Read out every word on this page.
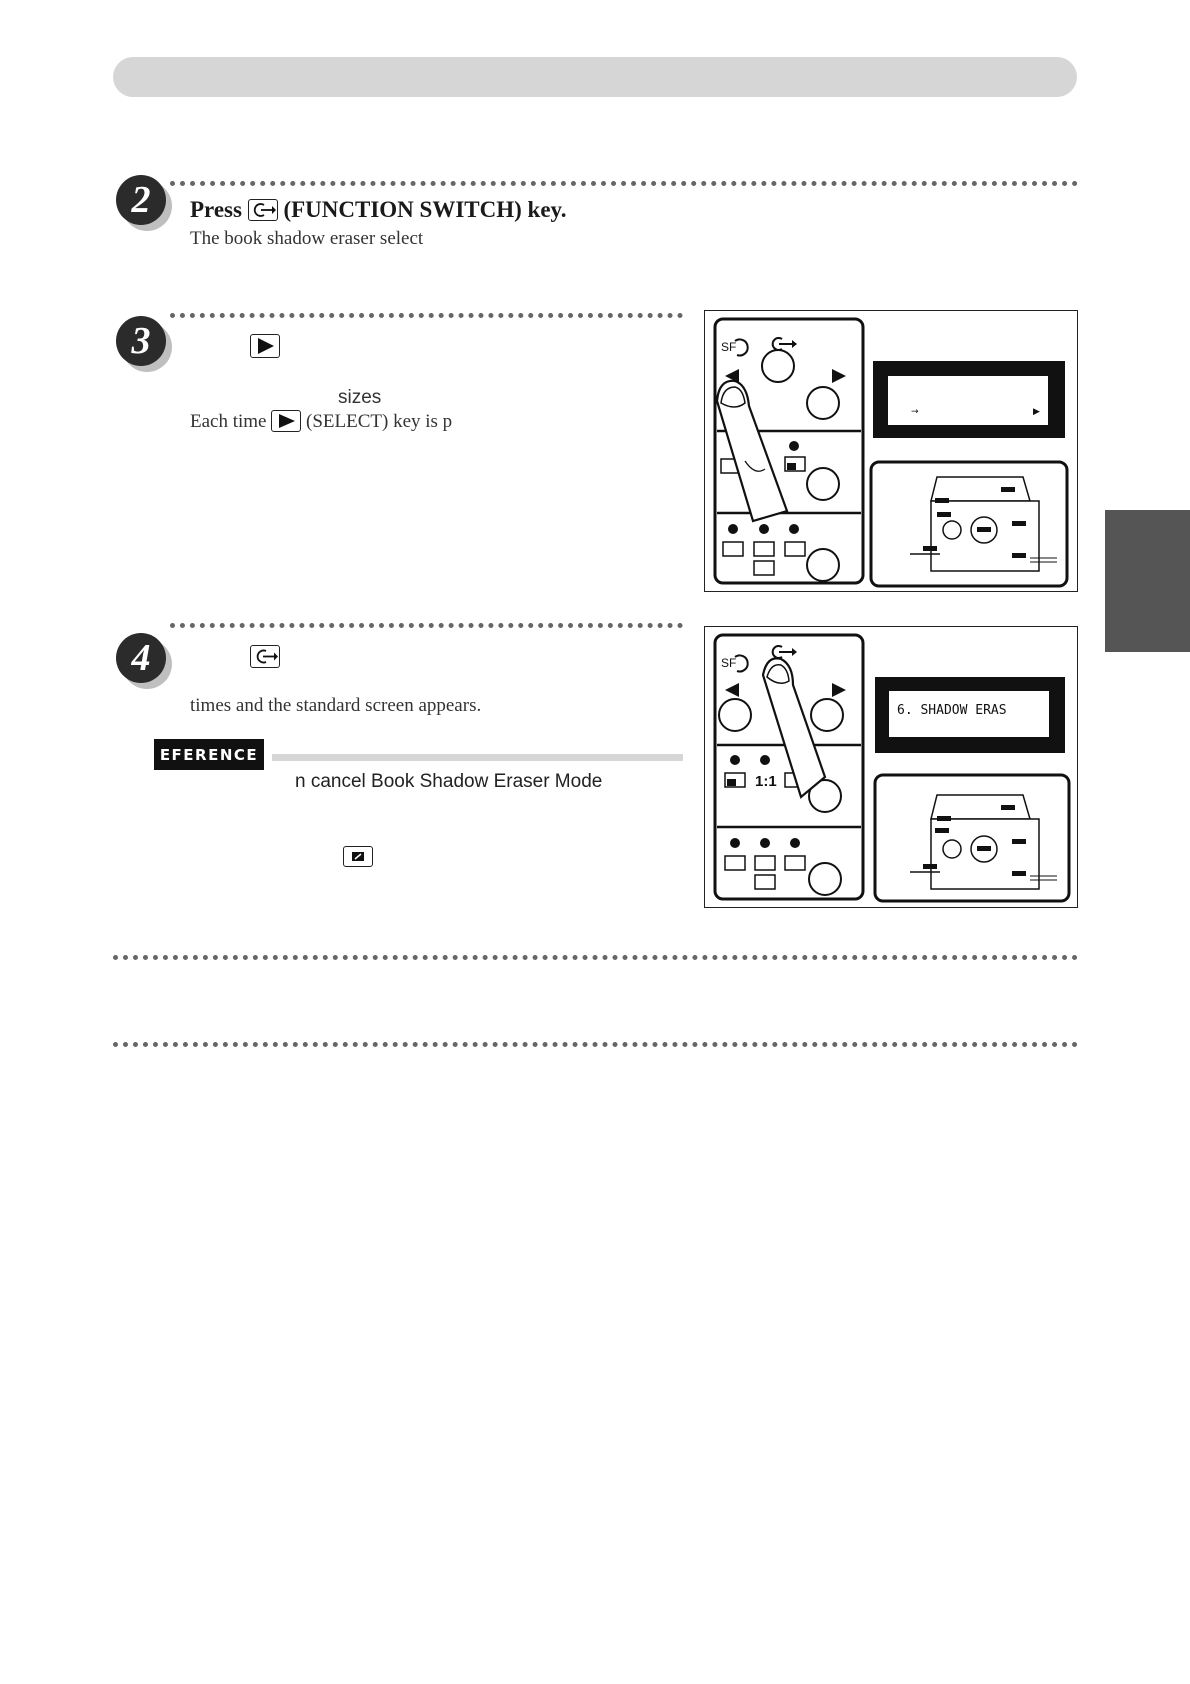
2 Press (FUNCTION SWITCH) key.
The book shadow eraser select
3
sizes
Each time (SELECT) key is p
SF
→	▶
4
times and the standard screen appears.
EFERENCE
n cancel Book Shadow Eraser Mode
SF
1:1
6. SHADOW ERAS
